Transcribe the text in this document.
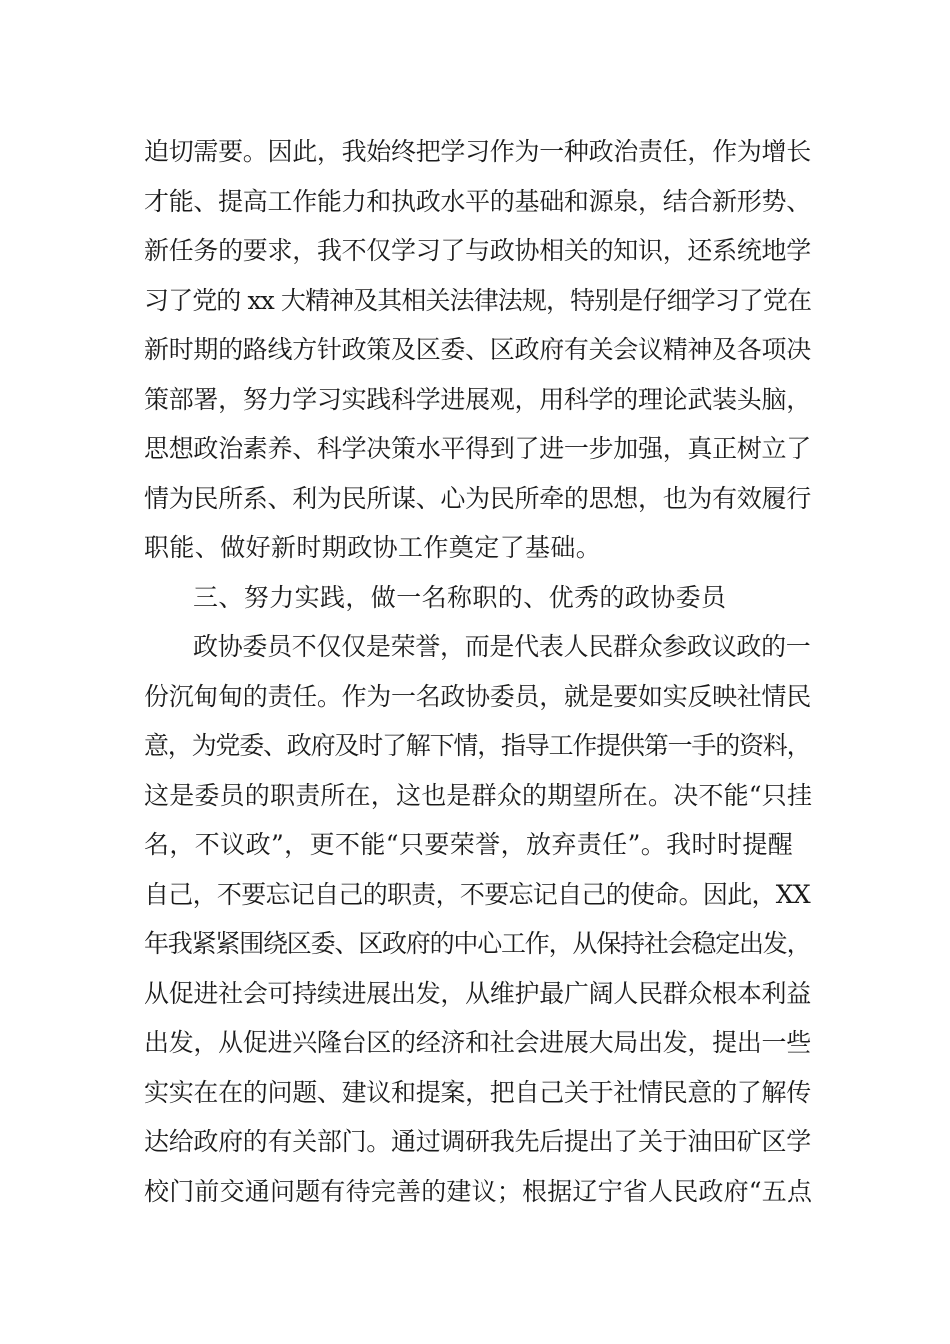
迫切需要。因此，我始终把学习作为一种政治责任，作为增长
才能、提高工作能力和执政水平的基础和源泉，结合新形势、
新任务的要求，我不仅学习了与政协相关的知识，还系统地学
习了党的 xx 大精神及其相关法律法规，特别是仔细学习了党在
新时期的路线方针政策及区委、区政府有关会议精神及各项决
策部署，努力学习实践科学进展观，用科学的理论武装头脑，
思想政治素养、科学决策水平得到了进一步加强，真正树立了
情为民所系、利为民所谋、心为民所牵的思想，也为有效履行
职能、做好新时期政协工作奠定了基础。
三、努力实践，做一名称职的、优秀的政协委员
政协委员不仅仅是荣誉，而是代表人民群众参政议政的一
份沉甸甸的责任。作为一名政协委员，就是要如实反映社情民
意，为党委、政府及时了解下情，指导工作提供第一手的资料，
这是委员的职责所在，这也是群众的期望所在。决不能“只挂
名，不议政”，更不能“只要荣誉，放弃责任”。我时时提醒
自己，不要忘记自己的职责，不要忘记自己的使命。因此，XX
年我紧紧围绕区委、区政府的中心工作，从保持社会稳定出发，
从促进社会可持续进展出发，从维护最广阔人民群众根本利益
出发，从促进兴隆台区的经济和社会进展大局出发，提出一些
实实在在的问题、建议和提案，把自己关于社情民意的了解传
达给政府的有关部门。通过调研我先后提出了关于油田矿区学
校门前交通问题有待完善的建议；根据辽宁省人民政府“五点
